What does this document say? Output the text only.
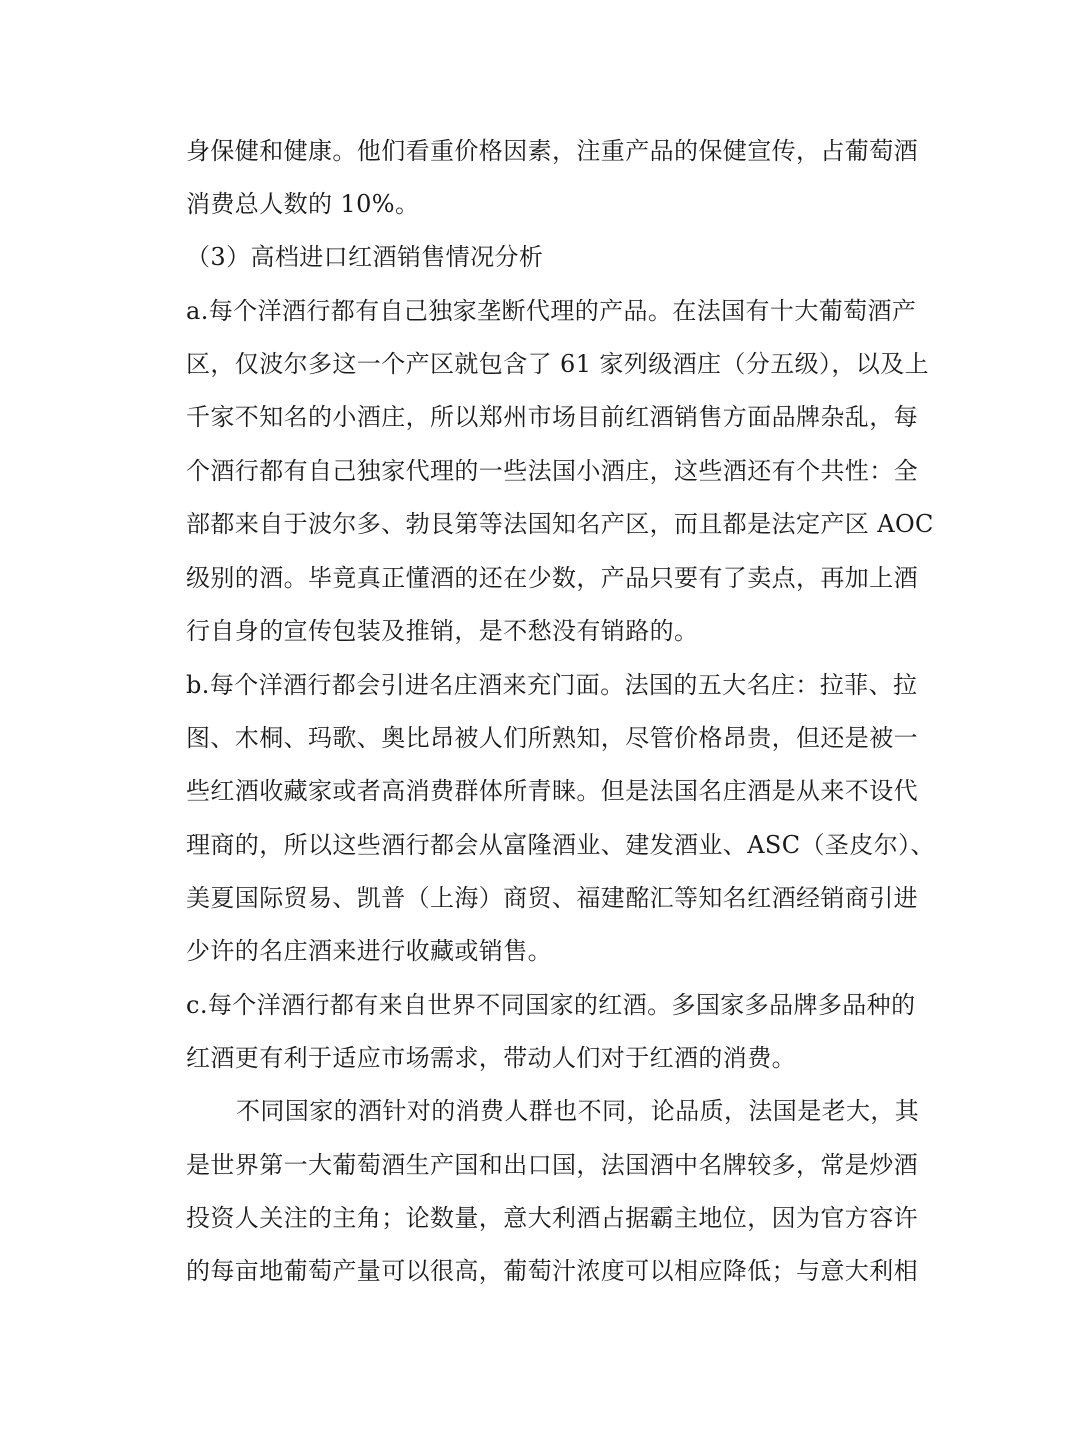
身保健和健康。他们看重价格因素，注重产品的保健宣传，占葡萄酒
消费总人数的 10%。
（3）高档进口红酒销售情况分析
a.每个洋酒行都有自己独家垄断代理的产品。在法国有十大葡萄酒产
区，仅波尔多这一个产区就包含了 61 家列级酒庄（分五级），以及上
千家不知名的小酒庄，所以郑州市场目前红酒销售方面品牌杂乱，每
个酒行都有自己独家代理的一些法国小酒庄，这些酒还有个共性：全
部都来自于波尔多、勃艮第等法国知名产区，而且都是法定产区 AOC
级别的酒。毕竟真正懂酒的还在少数，产品只要有了卖点，再加上酒
行自身的宣传包装及推销，是不愁没有销路的。
b.每个洋酒行都会引进名庄酒来充门面。法国的五大名庄：拉菲、拉
图、木桐、玛歌、奥比昂被人们所熟知，尽管价格昂贵，但还是被一
些红酒收藏家或者高消费群体所青睐。但是法国名庄酒是从来不设代
理商的，所以这些酒行都会从富隆酒业、建发酒业、ASC（圣皮尔）、
美夏国际贸易、凯普（上海）商贸、福建酩汇等知名红酒经销商引进
少许的名庄酒来进行收藏或销售。
c.每个洋酒行都有来自世界不同国家的红酒。多国家多品牌多品种的
红酒更有利于适应市场需求，带动人们对于红酒的消费。
不同国家的酒针对的消费人群也不同，论品质，法国是老大，其
是世界第一大葡萄酒生产国和出口国，法国酒中名牌较多，常是炒酒
投资人关注的主角；论数量，意大利酒占据霸主地位，因为官方容许
的每亩地葡萄产量可以很高，葡萄汁浓度可以相应降低；与意大利相
